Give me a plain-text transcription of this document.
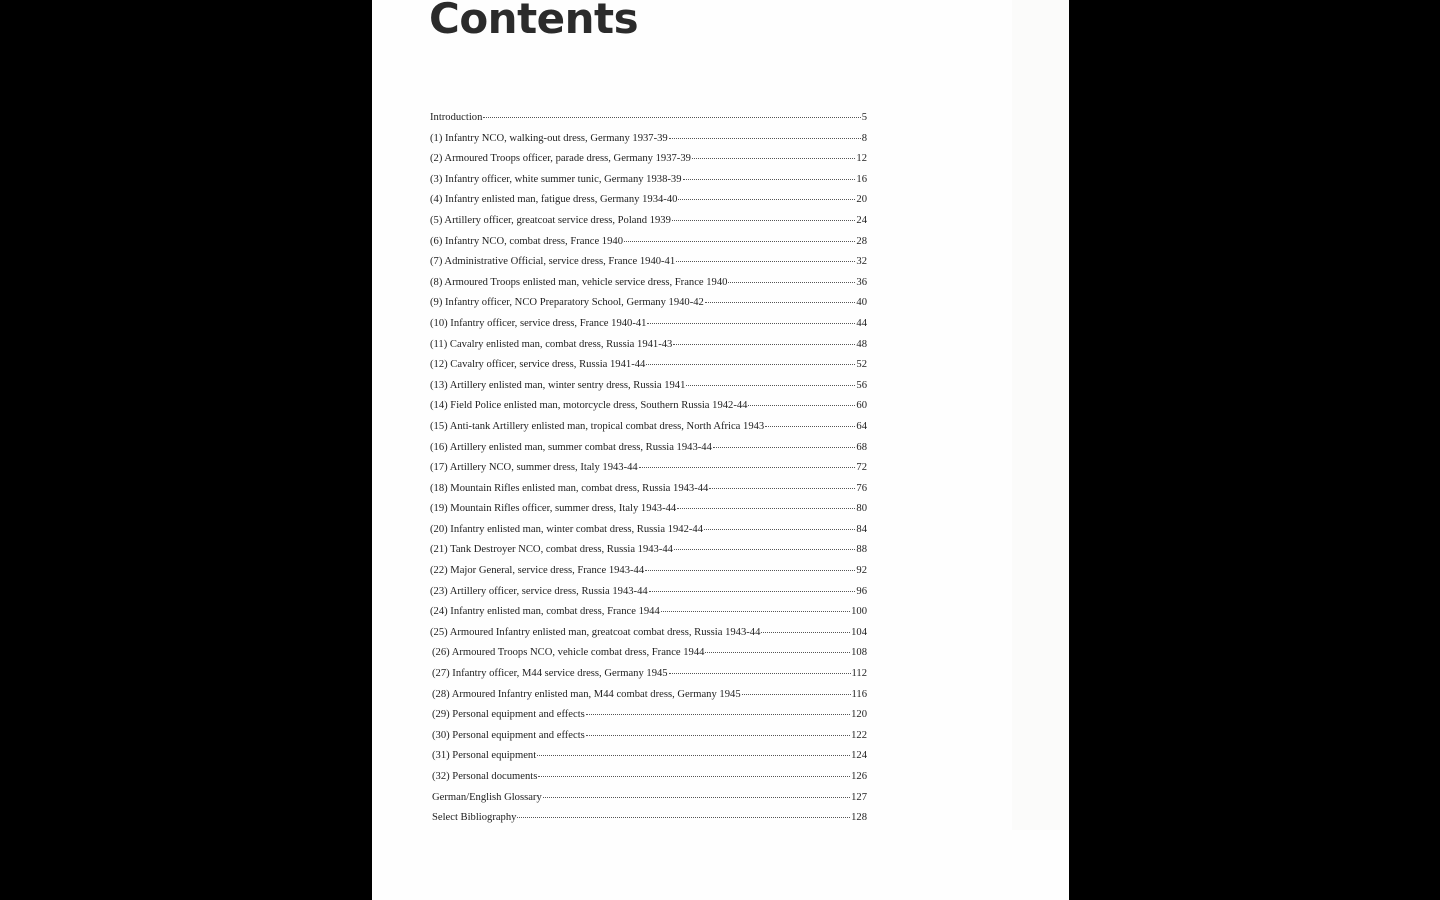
Contents
Introduction	5
(1) Infantry NCO, walking-out dress, Germany 1937-39	8
(2) Armoured Troops officer, parade dress, Germany 1937-39	12
(3) Infantry officer, white summer tunic, Germany 1938-39	16
(4) Infantry enlisted man, fatigue dress, Germany 1934-40	20
(5) Artillery officer, greatcoat service dress, Poland 1939	24
(6) Infantry NCO, combat dress, France 1940	28
(7) Administrative Official, service dress, France 1940-41	32
(8) Armoured Troops enlisted man, vehicle service dress, France 1940	36
(9) Infantry officer, NCO Preparatory School, Germany 1940-42	40
(10) Infantry officer, service dress, France 1940-41	44
(11) Cavalry enlisted man, combat dress, Russia 1941-43	48
(12) Cavalry officer, service dress, Russia 1941-44	52
(13) Artillery enlisted man, winter sentry dress, Russia 1941	56
(14) Field Police enlisted man, motorcycle dress, Southern Russia 1942-44	60
(15) Anti-tank Artillery enlisted man, tropical combat dress, North Africa 1943	64
(16) Artillery enlisted man, summer combat dress, Russia 1943-44	68
(17) Artillery NCO, summer dress, Italy 1943-44	72
(18) Mountain Rifles enlisted man, combat dress, Russia 1943-44	76
(19) Mountain Rifles officer, summer dress, Italy 1943-44	80
(20) Infantry enlisted man, winter combat dress, Russia 1942-44	84
(21) Tank Destroyer NCO, combat dress, Russia 1943-44	88
(22) Major General, service dress, France 1943-44	92
(23) Artillery officer, service dress, Russia 1943-44	96
(24) Infantry enlisted man, combat dress, France 1944	100
(25) Armoured Infantry enlisted man, greatcoat combat dress, Russia 1943-44	104
(26) Armoured Troops NCO, vehicle combat dress, France 1944	108
(27) Infantry officer, M44 service dress, Germany 1945	112
(28) Armoured Infantry enlisted man, M44 combat dress, Germany 1945	116
(29) Personal equipment and effects	120
(30) Personal equipment and effects	122
(31) Personal equipment	124
(32) Personal documents	126
German/English Glossary	127
Select Bibliography	128
